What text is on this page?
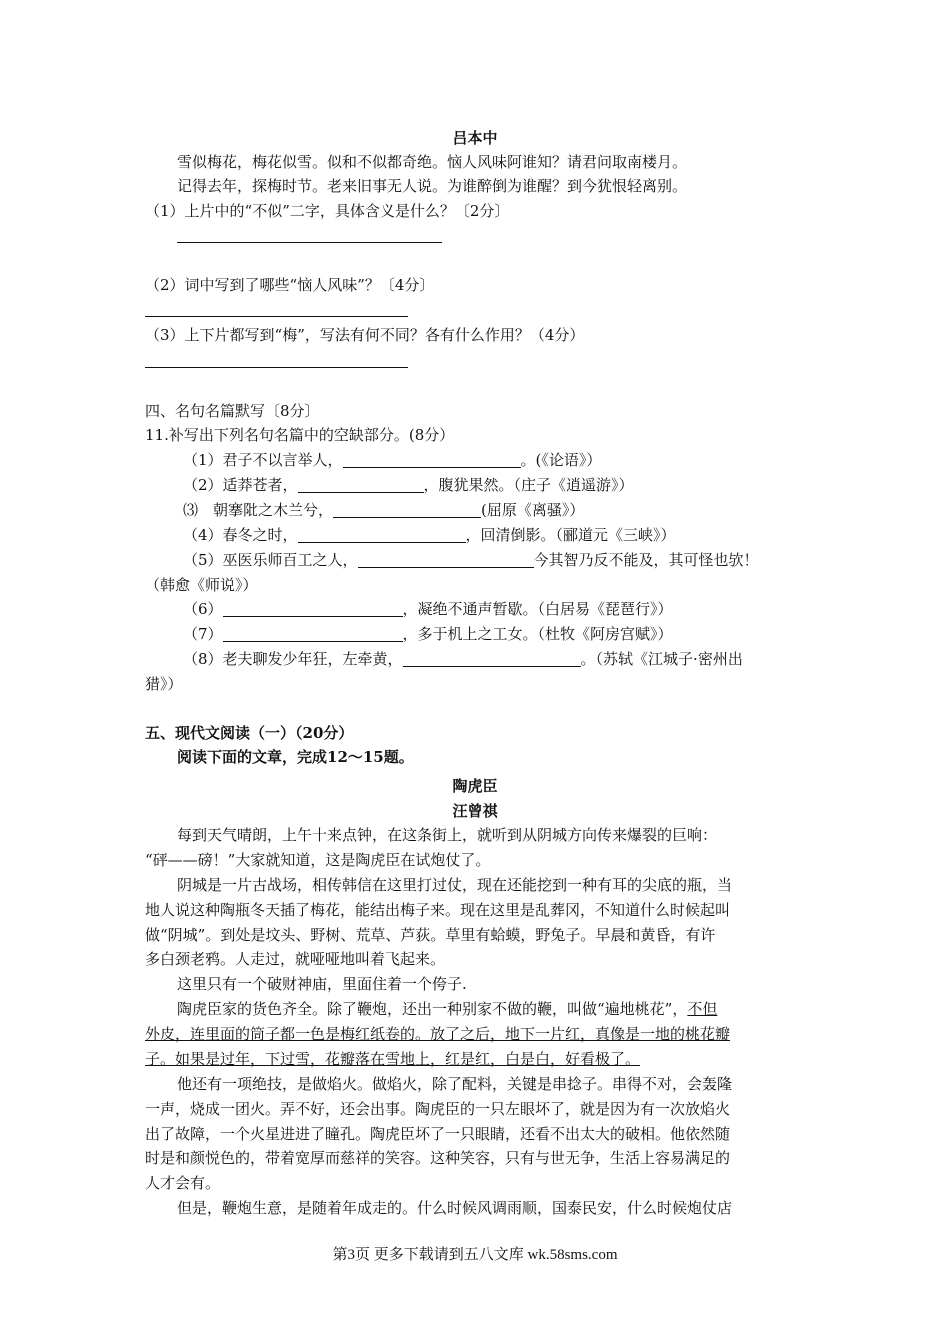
吕本中
雪似梅花，梅花似雪。似和不似都奇绝。恼人风味阿谁知？请君问取南楼月。
记得去年，探梅时节。老来旧事无人说。为谁醉倒为谁醒？到今犹恨轻离别。
（1）上片中的“不似”二字，具体含义是什么？〔2分〕
（2）词中写到了哪些“恼人风味”？〔4分〕
（3）上下片都写到“梅”，写法有何不同？各有什么作用？（4分）
四、名句名篇默写〔8分〕
11.补写出下列名句名篇中的空缺部分。(8分）
（1）君子不以言举人，	。(《论语》）
（2）适莽苍者，	，腹犹果然。（庄子《逍遥游》）
⑶　朝搴阰之木兰兮，	(屈原《离骚》）
（4）春冬之时，	，回清倒影。（郦道元《三峡》）
（5）巫医乐师百工之人，	今其智乃反不能及，其可怪也欤！
（韩愈《师说》）
（6）	，凝绝不通声暂歇。（白居易《琵琶行》）
（7）	，多于机上之工女。（杜牧《阿房宫赋》）
（8）老夫聊发少年狂，左牵黄，	。（苏轼《江城子·密州出
猎》）
五、现代文阅读（一）（20分）
阅读下面的文章，完成12〜15题。
陶虎臣
汪曾祺
每到天气晴朗，上午十来点钟，在这条街上，就听到从阴城方向传来爆裂的巨响：
“砰——磅！”大家就知道，这是陶虎臣在试炮仗了。
阴城是一片古战场，相传韩信在这里打过仗，现在还能挖到一种有耳的尖底的瓶，当
地人说这种陶瓶冬天插了梅花，能结出梅子来。现在这里是乱葬冈，不知道什么时候起叫
做“阴城”。到处是坟头、野树、荒草、芦荻。草里有蛤蟆，野兔子。早晨和黄昏，有许
多白颈老鸦。人走过，就哑哑地叫着飞起来。
这里只有一个破财神庙，里面住着一个侉子.
陶虎臣家的货色齐全。除了鞭炮，还出一种别家不做的鞭，叫做“遍地桃花”，不但
外皮，连里面的筒子都一色是梅红纸卷的。放了之后，地下一片红，真像是一地的桃花瓣
子。如果是过年，下过雪，花瓣落在雪地上，红是红，白是白，好看极了。
他还有一项绝技，是做焰火。做焰火，除了配料，关键是串捻子。串得不对，会轰隆
一声，烧成一团火。弄不好，还会出事。陶虎臣的一只左眼坏了，就是因为有一次放焰火
出了故障，一个火星进进了瞳孔。陶虎臣坏了一只眼睛，还看不出太大的破相。他依然随
时是和颜悦色的，带着宽厚而慈祥的笑容。这种笑容，只有与世无争，生活上容易满足的
人才会有。
但是，鞭炮生意，是随着年成走的。什么时候风调雨顺，国泰民安，什么时候炮仗店
第3页 更多下载请到五八文库 wk.58sms.com
